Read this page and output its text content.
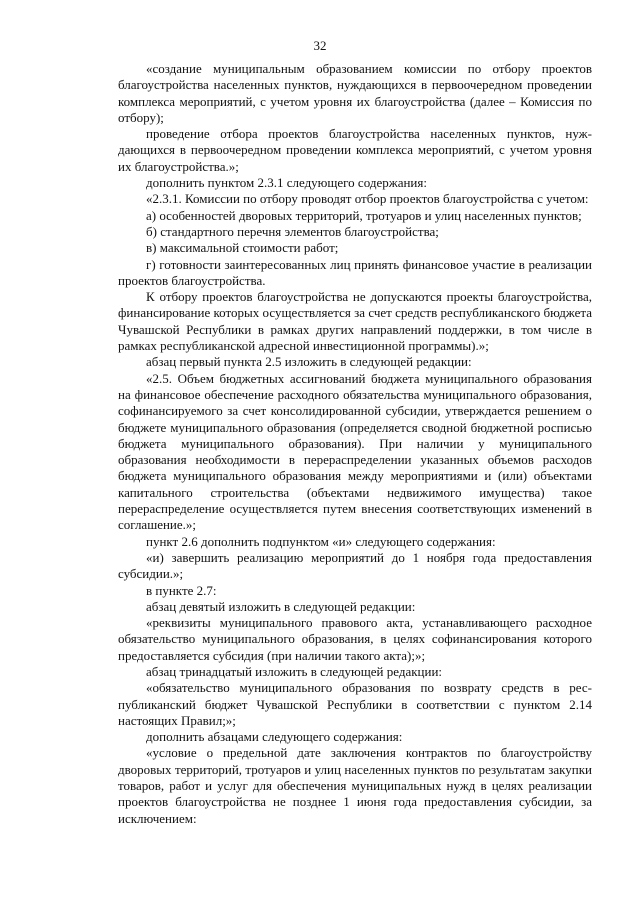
32

«создание муниципальным образованием комиссии по отбору проектов благоустройства населенных пунктов, нуждающихся в первоочередном проведении комплекса мероприятий, с учетом уровня их благоустройства (далее – Комиссия по отбору);

проведение отбора проектов благоустройства населенных пунктов, нуждающихся в первоочередном проведении комплекса мероприятий, с учетом уровня их благоустройства.»;

дополнить пунктом 2.3.1 следующего содержания:

«2.3.1. Комиссии по отбору проводят отбор проектов благоустройства с учетом:

а) особенностей дворовых территорий, тротуаров и улиц населенных пунктов;

б) стандартного перечня элементов благоустройства;

в) максимальной стоимости работ;

г) готовности заинтересованных лиц принять финансовое участие в реализации проектов благоустройства.

К отбору проектов благоустройства не допускаются проекты благоустройства, финансирование которых осуществляется за счет средств республиканского бюджета Чувашской Республики в рамках других направлений поддержки, в том числе в рамках республиканской адресной инвестиционной программы).»;

абзац первый пункта 2.5 изложить в следующей редакции:

«2.5. Объем бюджетных ассигнований бюджета муниципального образования на финансовое обеспечение расходного обязательства муниципального образования, софинансируемого за счет консолидированной субсидии, утверждается решением о бюджете муниципального образования (определяется сводной бюджетной росписью бюджета муниципального образования). При наличии у муниципального образования необходимости в перераспределении указанных объемов расходов бюджета муниципального образования между мероприятиями и (или) объектами капитального строительства (объектами недвижимого имущества) такое перераспределение осуществляется путем внесения соответствующих изменений в соглашение.»;

пункт 2.6 дополнить подпунктом «и» следующего содержания:

«и) завершить реализацию мероприятий до 1 ноября года предоставления субсидии.»;

в пункте 2.7:

абзац девятый изложить в следующей редакции:

«реквизиты муниципального правового акта, устанавливающего расходное обязательство муниципального образования, в целях софинансирования которого предоставляется субсидия (при наличии такого акта);»;

абзац тринадцатый изложить в следующей редакции:

«обязательство муниципального образования по возврату средств в республиканский бюджет Чувашской Республики в соответствии с пунктом 2.14 настоящих Правил;»;

дополнить абзацами следующего содержания:

«условие о предельной дате заключения контрактов по благоустройству дворовых территорий, тротуаров и улиц населенных пунктов по результатам закупки товаров, работ и услуг для обеспечения муниципальных нужд в целях реализации проектов благоустройства не позднее 1 июня года предоставления субсидии, за исключением:
